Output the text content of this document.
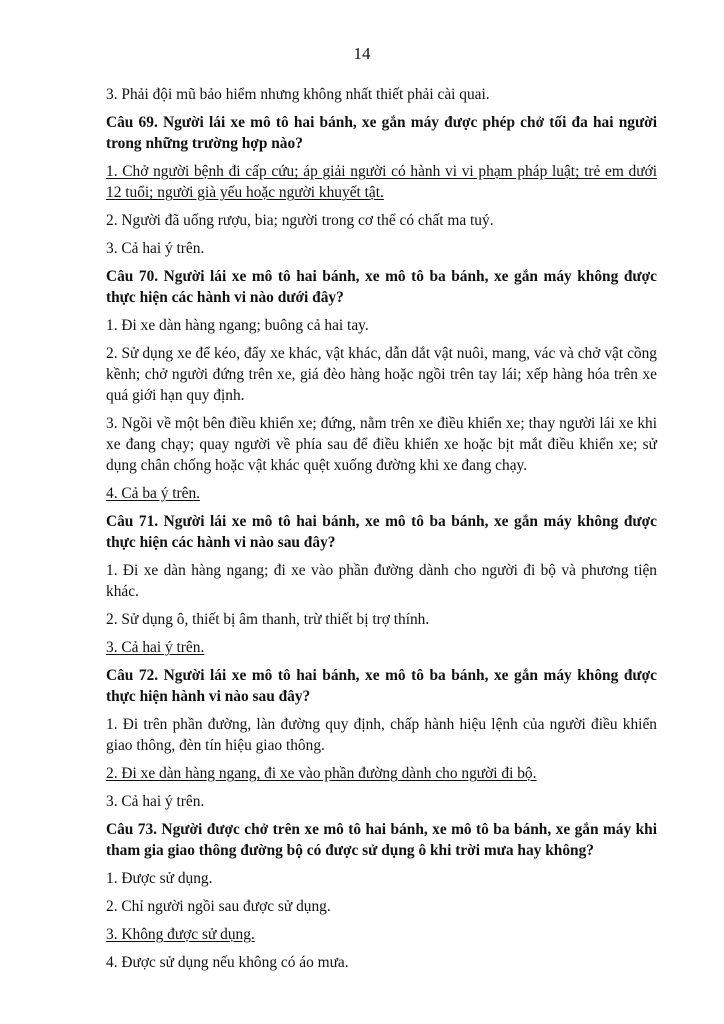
14

3. Phải đội mũ bảo hiểm nhưng không nhất thiết phải cài quai.

Câu 69. Người lái xe mô tô hai bánh, xe gắn máy được phép chở tối đa hai người trong những trường hợp nào?

1. Chở người bệnh đi cấp cứu; áp giải người có hành vi vi phạm pháp luật; trẻ em dưới 12 tuổi; người già yếu hoặc người khuyết tật.

2. Người đã uống rượu, bia; người trong cơ thể có chất ma tuý.

3. Cả hai ý trên.

Câu 70. Người lái xe mô tô hai bánh, xe mô tô ba bánh, xe gắn máy không được thực hiện các hành vi nào dưới đây?

1. Đi xe dàn hàng ngang; buông cả hai tay.

2. Sử dụng xe để kéo, đẩy xe khác, vật khác, dẫn dắt vật nuôi, mang, vác và chở vật cồng kềnh; chở người đứng trên xe, giá đèo hàng hoặc ngồi trên tay lái; xếp hàng hóa trên xe quá giới hạn quy định.

3. Ngồi về một bên điều khiển xe; đứng, nằm trên xe điều khiển xe; thay người lái xe khi xe đang chạy; quay người về phía sau để điều khiển xe hoặc bịt mắt điều khiển xe; sử dụng chân chống hoặc vật khác quệt xuống đường khi xe đang chạy.

4. Cả ba ý trên.

Câu 71. Người lái xe mô tô hai bánh, xe mô tô ba bánh, xe gắn máy không được thực hiện các hành vi nào sau đây?

1. Đi xe dàn hàng ngang; đi xe vào phần đường dành cho người đi bộ và phương tiện khác.

2. Sử dụng ô, thiết bị âm thanh, trừ thiết bị trợ thính.

3. Cả hai ý trên.

Câu 72. Người lái xe mô tô hai bánh, xe mô tô ba bánh, xe gắn máy không được thực hiện hành vi nào sau đây?

1. Đi trên phần đường, làn đường quy định, chấp hành hiệu lệnh của người điều khiển giao thông, đèn tín hiệu giao thông.

2. Đi xe dàn hàng ngang, đi xe vào phần đường dành cho người đi bộ.

3. Cả hai ý trên.

Câu 73. Người được chở trên xe mô tô hai bánh, xe mô tô ba bánh, xe gắn máy khi tham gia giao thông đường bộ có được sử dụng ô khi trời mưa hay không?

1. Được sử dụng.

2. Chỉ người ngồi sau được sử dụng.

3. Không được sử dụng.

4. Được sử dụng nếu không có áo mưa.
